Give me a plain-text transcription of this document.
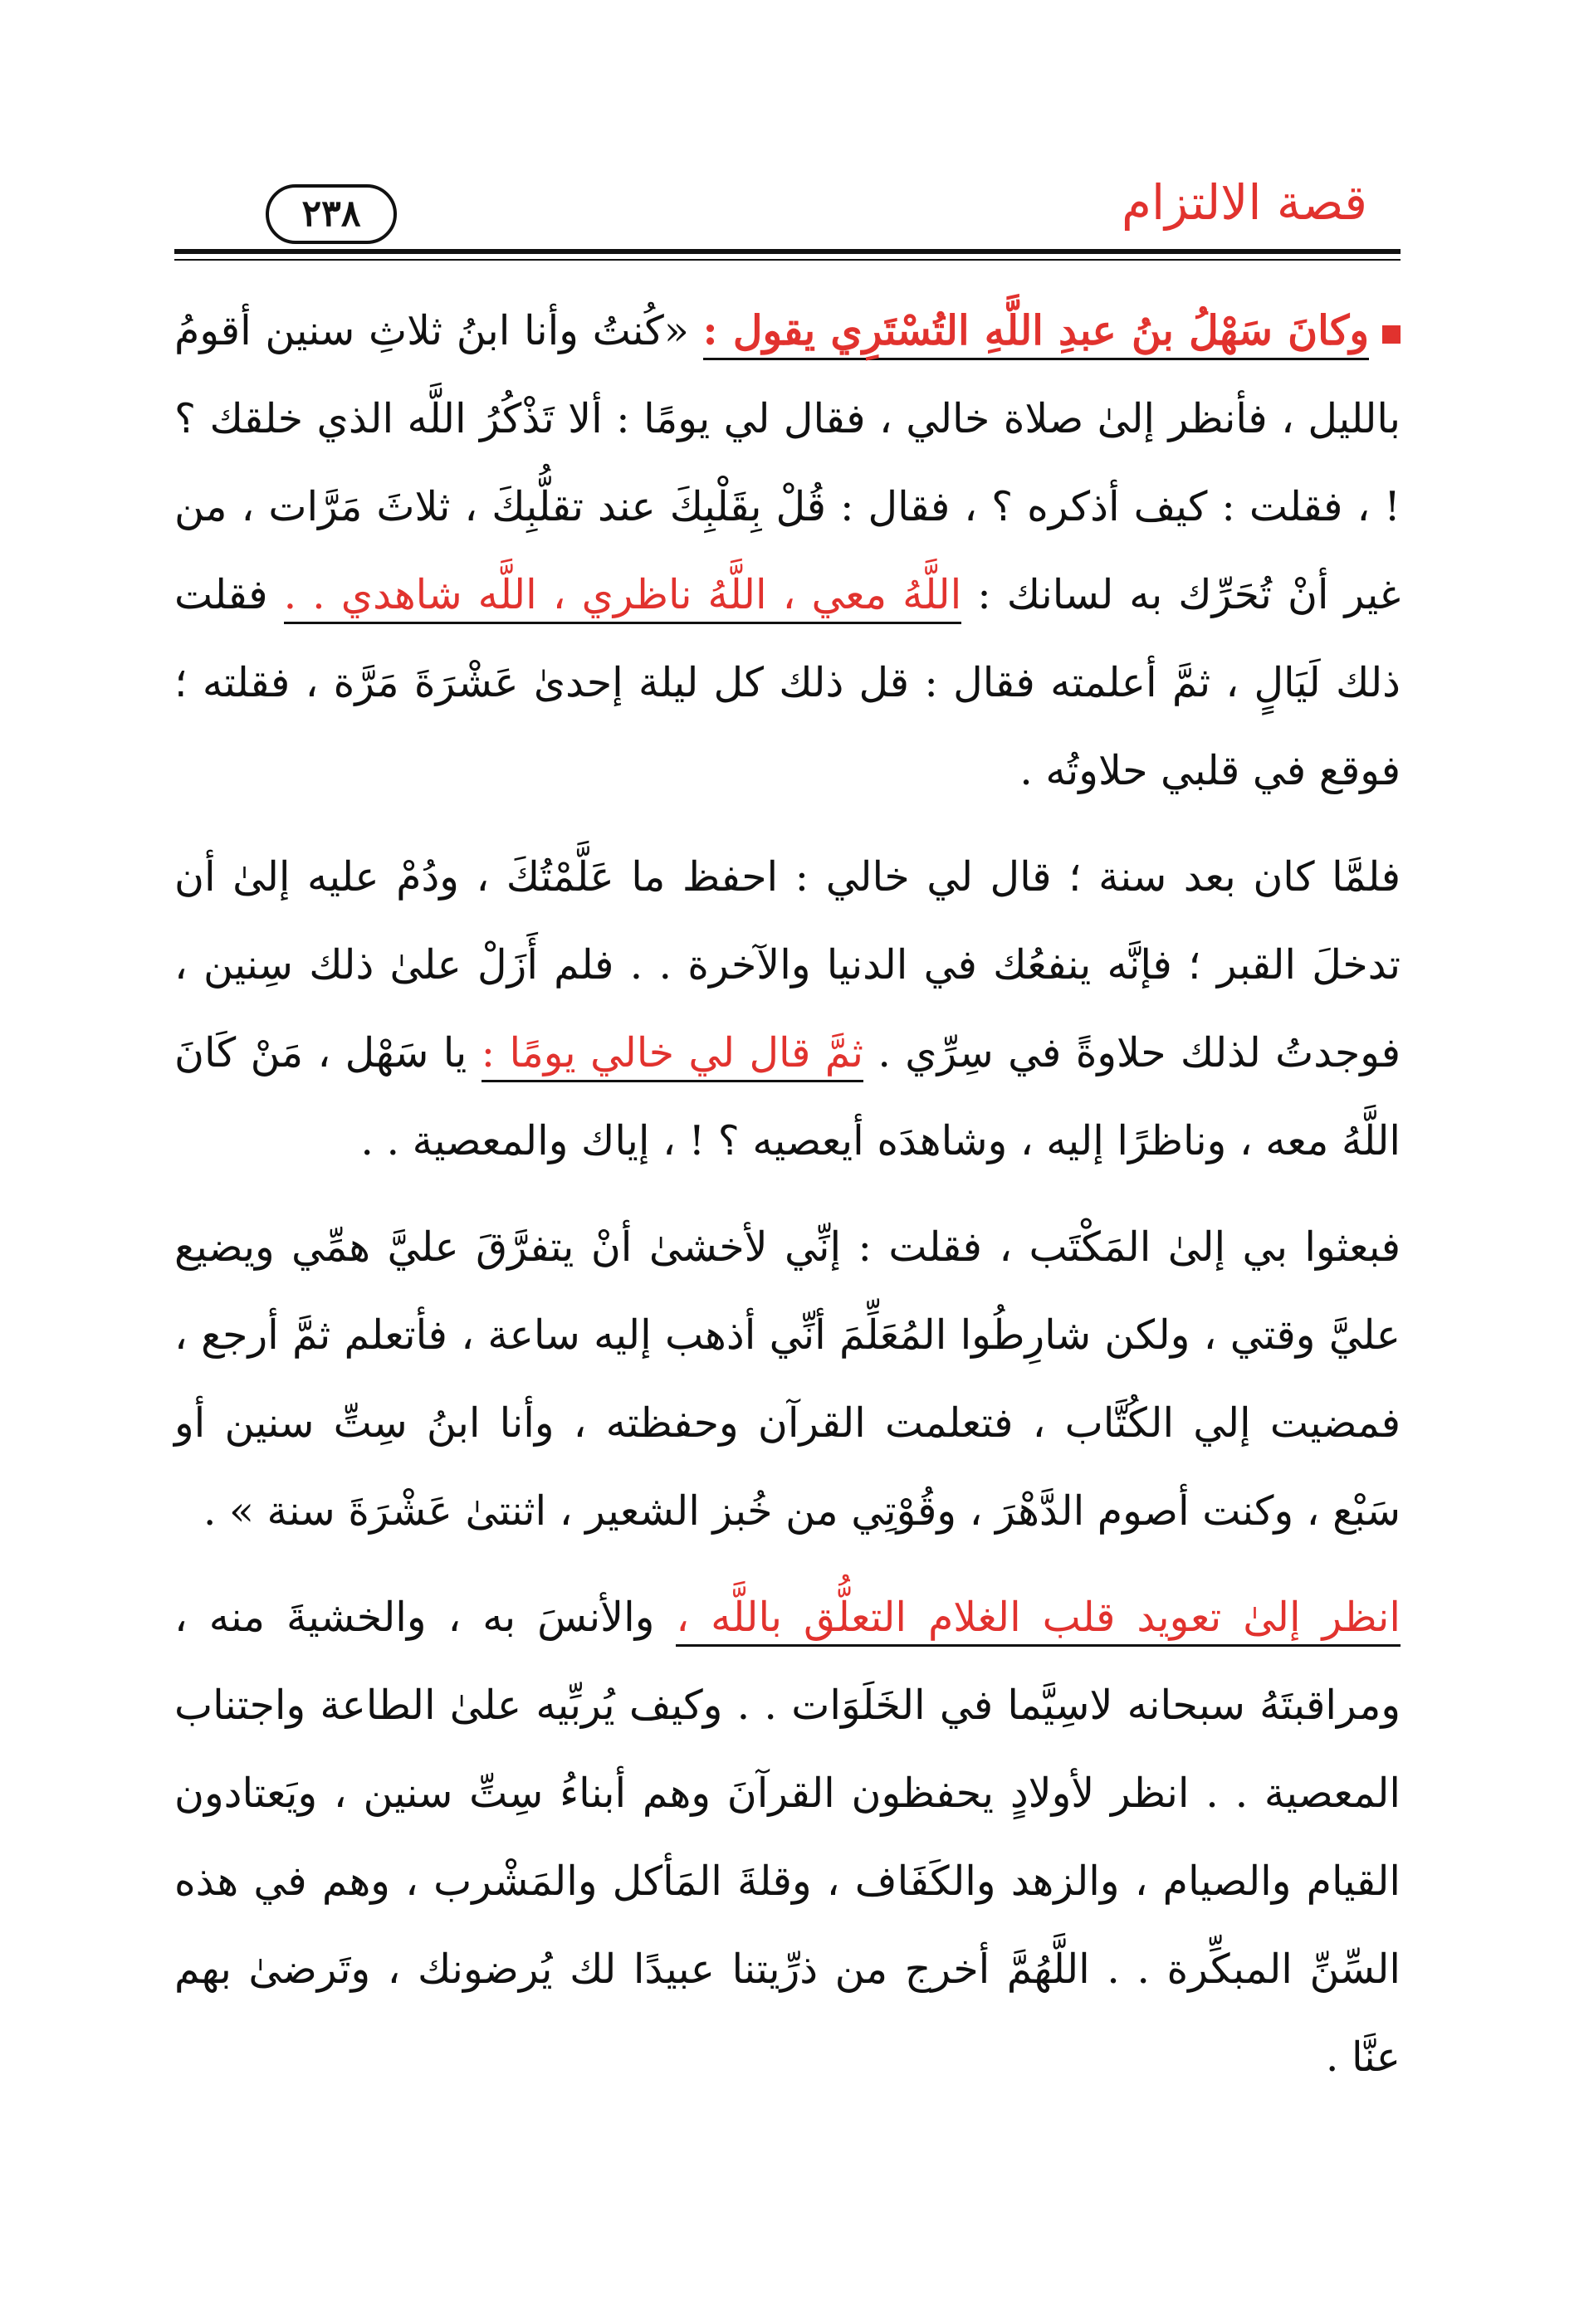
قصة الالتزام
٢٣٨

وكانَ سَهْلُ بنُ عبدِ اللَّهِ التُسْتَرِي يقول : «كُنتُ وأنا ابنُ ثلاثِ سنين أقومُ بالليل ، فأنظر إلىٰ صلاة خالي ، فقال لي يومًا : ألا تَذْكُرُ اللَّه الذي خلقك ؟ ! ، فقلت : كيف أذكره ؟ ، فقال : قُلْ بِقَلْبِكَ عند تقلُّبِكَ ، ثلاثَ مَرَّات ، من غير أنْ تُحَرِّك به لسانك : اللَّهُ معي ، اللَّهُ ناظري ، اللَّه شاهدي . . فقلت ذلك لَيَالٍ ، ثمَّ أعلمته فقال : قل ذلك كل ليلة إحدىٰ عَشْرَةَ مَرَّة ، فقلته ؛ فوقع في قلبي حلاوتُه .

فلمَّا كان بعد سنة ؛ قال لي خالي : احفظ ما عَلَّمْتُكَ ، ودُمْ عليه إلىٰ أن تدخلَ القبر ؛ فإنَّه ينفعُك في الدنيا والآخرة . . فلم أَزَلْ علىٰ ذلك سِنين ، فوجدتُ لذلك حلاوةً في سِرِّي . ثمَّ قال لي خالي يومًا : يا سَهْل ، مَنْ كَانَ اللَّهُ معه ، وناظرًا إليه ، وشاهدَه أيعصيه ؟ ! ، إياك والمعصية . .

فبعثوا بي إلىٰ المَكْتَب ، فقلت : إنِّي لأخشىٰ أنْ يتفرَّقَ عليَّ همِّي ويضيع عليَّ وقتي ، ولكن شارِطُوا المُعَلِّمَ أنِّي أذهب إليه ساعة ، فأتعلم ثمَّ أرجع ، فمضيت إلي الكُتَّاب ، فتعلمت القرآن وحفظته ، وأنا ابنُ سِتِّ سنين أو سَبْع ، وكنت أصوم الدَّهْرَ ، وقُوْتِي من خُبز الشعير ، اثنتىٰ عَشْرَةَ سنة » .

انظر إلىٰ تعويد قلب الغلام التعلُّق باللَّه ، والأنسَ به ، والخشيةَ منه ، ومراقبتَهُ سبحانه لاسِيَّما في الخَلَوَات . . وكيف يُربِّيه علىٰ الطاعة واجتناب المعصية . . انظر لأولادٍ يحفظون القرآنَ وهم أبناءُ سِتِّ سنين ، ويَعتادون القيام والصيام ، والزهد والكَفَاف ، وقلةَ المَأكل والمَشْرب ، وهم في هذه السِّنِّ المبكِّرة . . اللَّهُمَّ أخرج من ذرِّيتنا عبيدًا لك يُرضونك ، وتَرضىٰ بهم عنَّا .
